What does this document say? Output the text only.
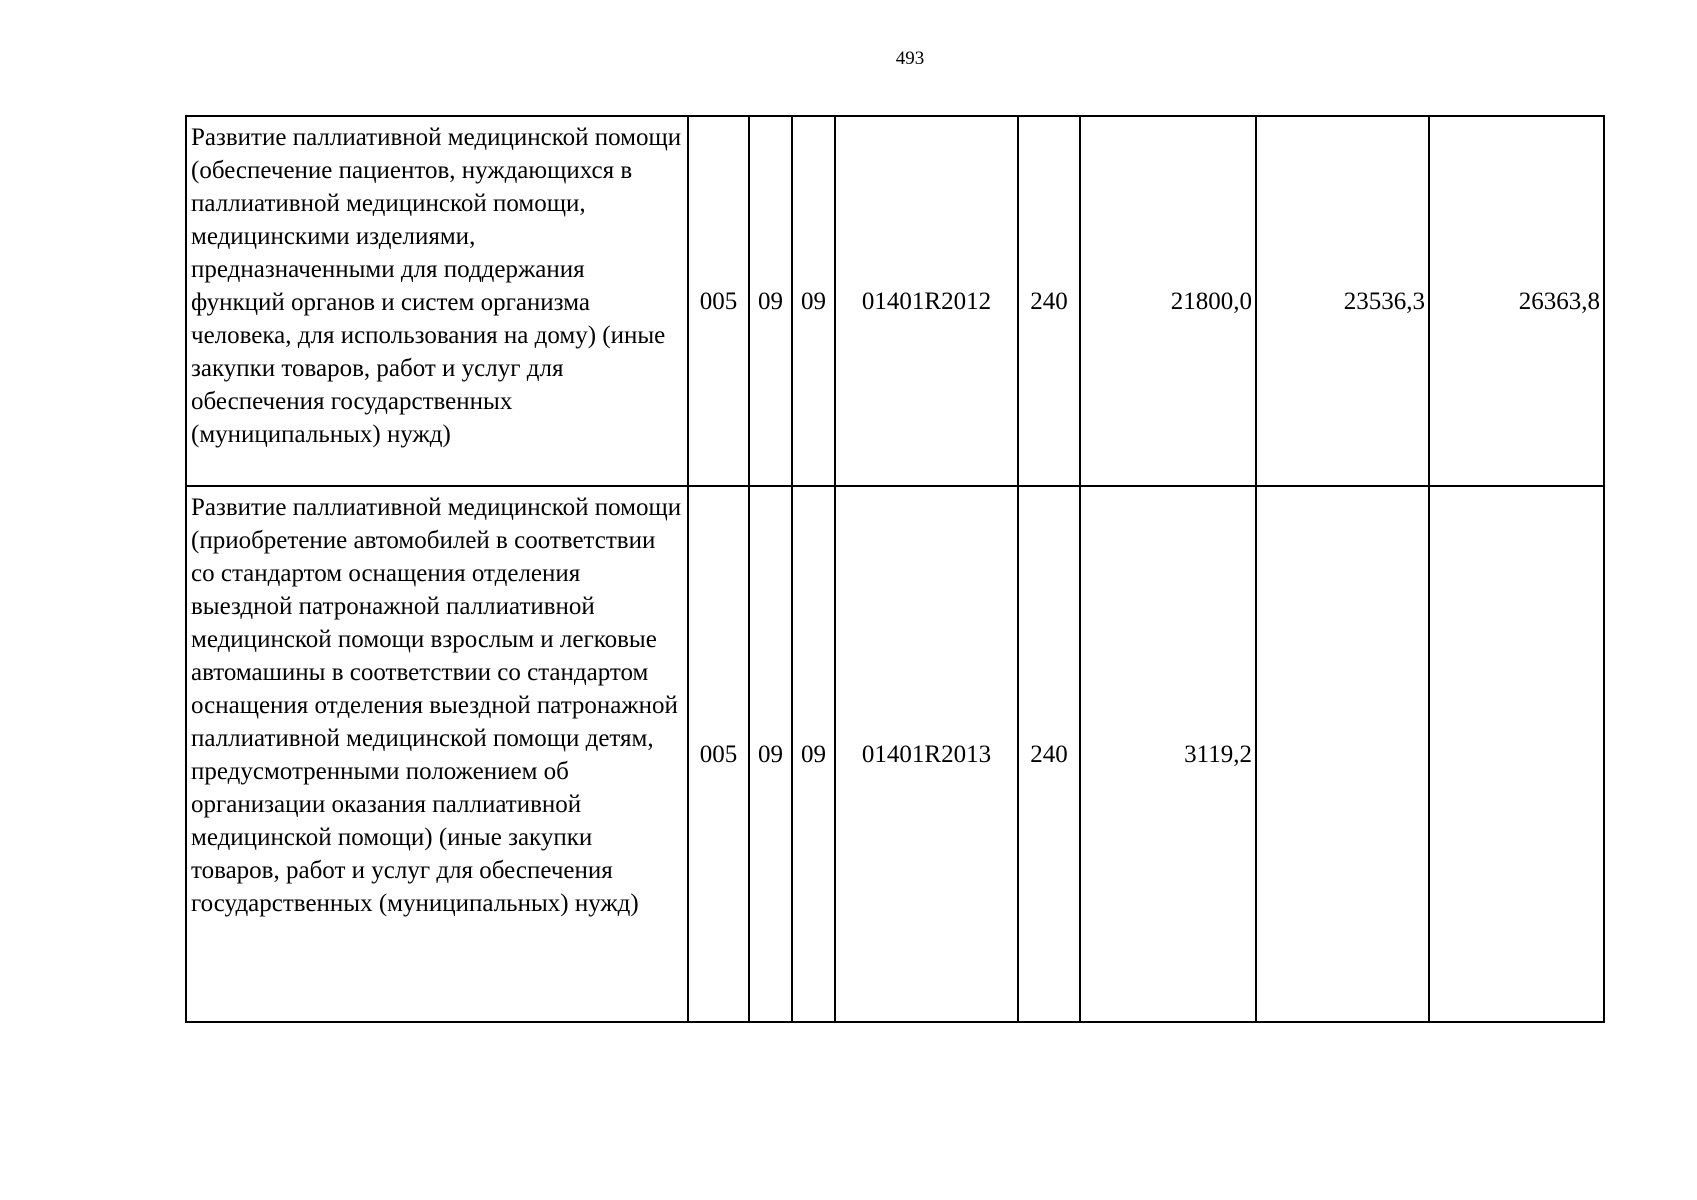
493
Развитие паллиативной медицинской помощи (обеспечение пациентов, нуждающихся в паллиативной медицинской помощи, медицинскими изделиями, предназначенными для поддержания функций органов и систем организма человека, для использования на дому) (иные закупки товаров, работ и услуг для обеспечения государственных (муниципальных) нужд)	005	09	09	01401R2012	240	21800,0	23536,3	26363,8
Развитие паллиативной медицинской помощи (приобретение автомобилей в соответствии со стандартом оснащения отделения выездной патронажной паллиативной медицинской помощи взрослым и легковые автомашины в соответствии со стандартом оснащения отделения выездной патронажной паллиативной медицинской помощи детям, предусмотренными положением об организации оказания паллиативной медицинской помощи) (иные закупки товаров, работ и услуг для обеспечения государственных (муниципальных) нужд)	005	09	09	01401R2013	240	3119,2		
